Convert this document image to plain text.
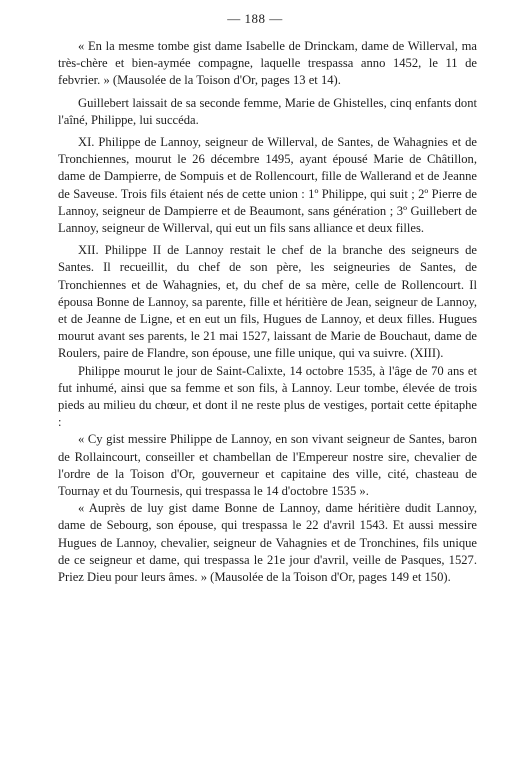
— 188 —

« En la mesme tombe gist dame Isabelle de Drinckam, dame de Willerval, ma très-chère et bien-aymée compagne, laquelle trespassa anno 1452, le 11 de febvrier. » (Mausolée de la Toison d'Or, pages 13 et 14).

Guillebert laissait de sa seconde femme, Marie de Ghistelles, cinq enfants dont l'aîné, Philippe, lui succéda.

XI. Philippe de Lannoy, seigneur de Willerval, de Santes, de Wahagnies et de Tronchiennes, mourut le 26 décembre 1495, ayant épousé Marie de Châtillon, dame de Dampierre, de Sompuis et de Rollencourt, fille de Wallerand et de Jeanne de Saveuse. Trois fils étaient nés de cette union : 1º Philippe, qui suit ; 2º Pierre de Lannoy, seigneur de Dampierre et de Beaumont, sans génération ; 3º Guillebert de Lannoy, seigneur de Willerval, qui eut un fils sans alliance et deux filles.

XII. Philippe II de Lannoy restait le chef de la branche des seigneurs de Santes. Il recueillit, du chef de son père, les seigneuries de Santes, de Tronchiennes et de Wahagnies, et, du chef de sa mère, celle de Rollencourt. Il épousa Bonne de Lannoy, sa parente, fille et héritière de Jean, seigneur de Lannoy, et de Jeanne de Ligne, et en eut un fils, Hugues de Lannoy, et deux filles. Hugues mourut avant ses parents, le 21 mai 1527, laissant de Marie de Bouchaut, dame de Roulers, paire de Flandre, son épouse, une fille unique, qui va suivre. (XIII).

Philippe mourut le jour de Saint-Calixte, 14 octobre 1535, à l'âge de 70 ans et fut inhumé, ainsi que sa femme et son fils, à Lannoy. Leur tombe, élevée de trois pieds au milieu du chœur, et dont il ne reste plus de vestiges, portait cette épitaphe :

« Cy gist messire Philippe de Lannoy, en son vivant seigneur de Santes, baron de Rollaincourt, conseiller et chambellan de l'Empereur nostre sire, chevalier de l'ordre de la Toison d'Or, gouverneur et capitaine des ville, cité, chasteau de Tournay et du Tournesis, qui trespassa le 14 d'octobre 1535 ».

« Auprès de luy gist dame Bonne de Lannoy, dame héritière dudit Lannoy, dame de Sebourg, son épouse, qui trespassa le 22 d'avril 1543. Et aussi messire Hugues de Lannoy, chevalier, seigneur de Vahagnies et de Tronchines, fils unique de ce seigneur et dame, qui trespassa le 21e jour d'avril, veille de Pasques, 1527. Priez Dieu pour leurs âmes. » (Mausolée de la Toison d'Or, pages 149 et 150).
